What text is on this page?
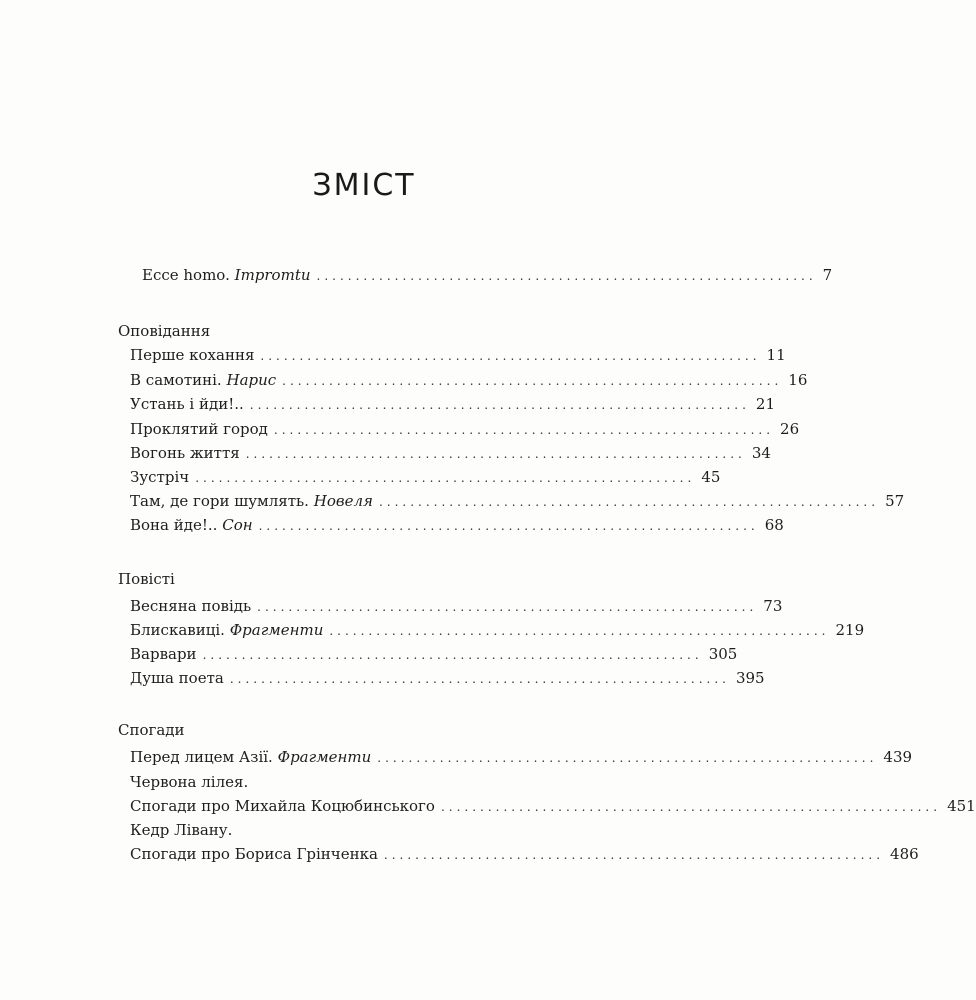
ЗМІСТ
Ecce homo. Impromtu ................................................................ 7
Оповідання
Перше кохання ................................................................ 11
В самотині. Нарис ................................................................ 16
Устань і йди!.. ................................................................ 21
Проклятий город ................................................................ 26
Вогонь життя ................................................................ 34
Зустріч ................................................................ 45
Там, де гори шумлять. Новеля ................................................................ 57
Вона йде!.. Сон ................................................................ 68
Повісті
Весняна повідь ................................................................ 73
Блискавиці. Фрагменти ................................................................ 219
Варвари ................................................................ 305
Душа поета ................................................................ 395
Спогади
Перед лицем Азії. Фрагменти ................................................................ 439
Червона лілея.
Спогади про Михайла Коцюбинського ................................................................ 451
Кедр Лівану.
Спогади про Бориса Грінченка ................................................................ 486
